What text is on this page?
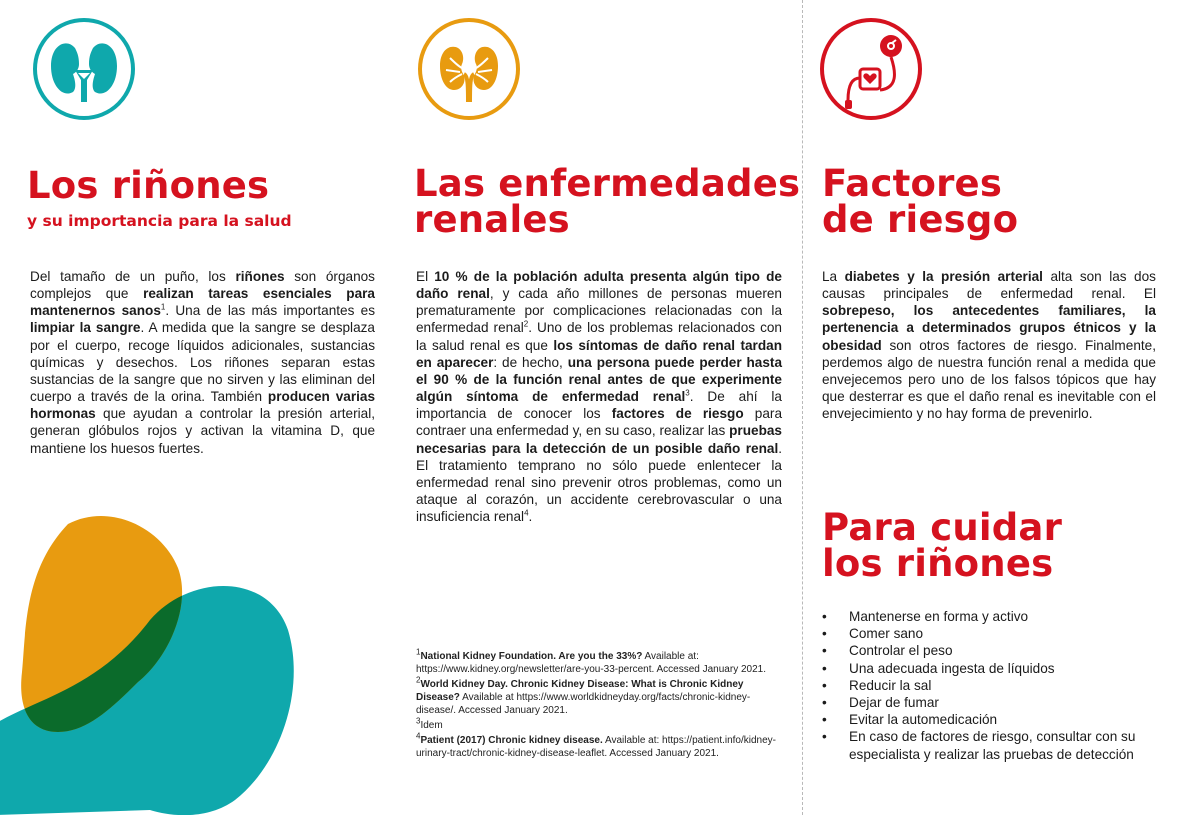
Los riñones

y su importancia para la salud

Del tamaño de un puño, los riñones son órganos complejos que realizan tareas esenciales para mantenernos sanos$^1$. Una de las más importantes es limpiar la sangre. A medida que la sangre se desplaza por el cuerpo, recoge líquidos adicionales, sustancias químicas y desechos. Los riñones separan estas sustancias de la sangre que no sirven y las eliminan del cuerpo a través de la orina. También producen varias hormonas que ayudan a controlar la presión arterial, generan glóbulos rojos y activan la vitamina D, que mantiene los huesos fuertes.

Las enfermedades
renales

El 10 % de la población adulta presenta algún tipo de daño renal, y cada año millones de personas mueren prematuramente por complicaciones relacionadas con la enfermedad renal$^2$. Uno de los problemas relacionados con la salud renal es que los síntomas de daño renal tardan en aparecer: de hecho, una persona puede perder hasta el 90 % de la función renal antes de que experimente algún síntoma de enfermedad renal$^3$. De ahí la importancia de conocer los factores de riesgo para contraer una enfermedad y, en su caso, realizar las pruebas necesarias para la detección de un posible daño renal. El tratamiento temprano no sólo puede enlentecer la enfermedad renal sino prevenir otros problemas, como un ataque al corazón, un accidente cerebrovascular o una insuficiencia renal$^4$.

$^1$National Kidney Foundation. Are you the 33%? Available at: https://www.kidney.org/newsletter/are-you-33-percent. Accessed January 2021.

$^2$World Kidney Day. Chronic Kidney Disease: What is Chronic Kidney Disease? Available at https://www.worldkidneyday.org/facts/chronic-kidney-disease/. Accessed January 2021.

$^3$Idem

$^4$Patient (2017) Chronic kidney disease. Available at: https://patient.info/kidney-urinary-tract/chronic-kidney-disease-leaflet. Accessed January 2021.

Factores
de riesgo

La diabetes y la presión arterial alta son las dos causas principales de enfermedad renal. El sobrepeso, los antecedentes familiares, la pertenencia a determinados grupos étnicos y la obesidad son otros factores de riesgo. Finalmente, perdemos algo de nuestra función renal a medida que envejecemos pero uno de los falsos tópicos que hay que desterrar es que el daño renal es inevitable con el envejecimiento y no hay forma de prevenirlo.

Para cuidar
los riñones
• Mantenerse en forma y activo
• Comer sano
• Controlar el peso
• Una adecuada ingesta de líquidos
• Reducir la sal
• Dejar de fumar
• Evitar la automedicación
• En caso de factores de riesgo, consultar con su especialista y realizar las pruebas de detección
